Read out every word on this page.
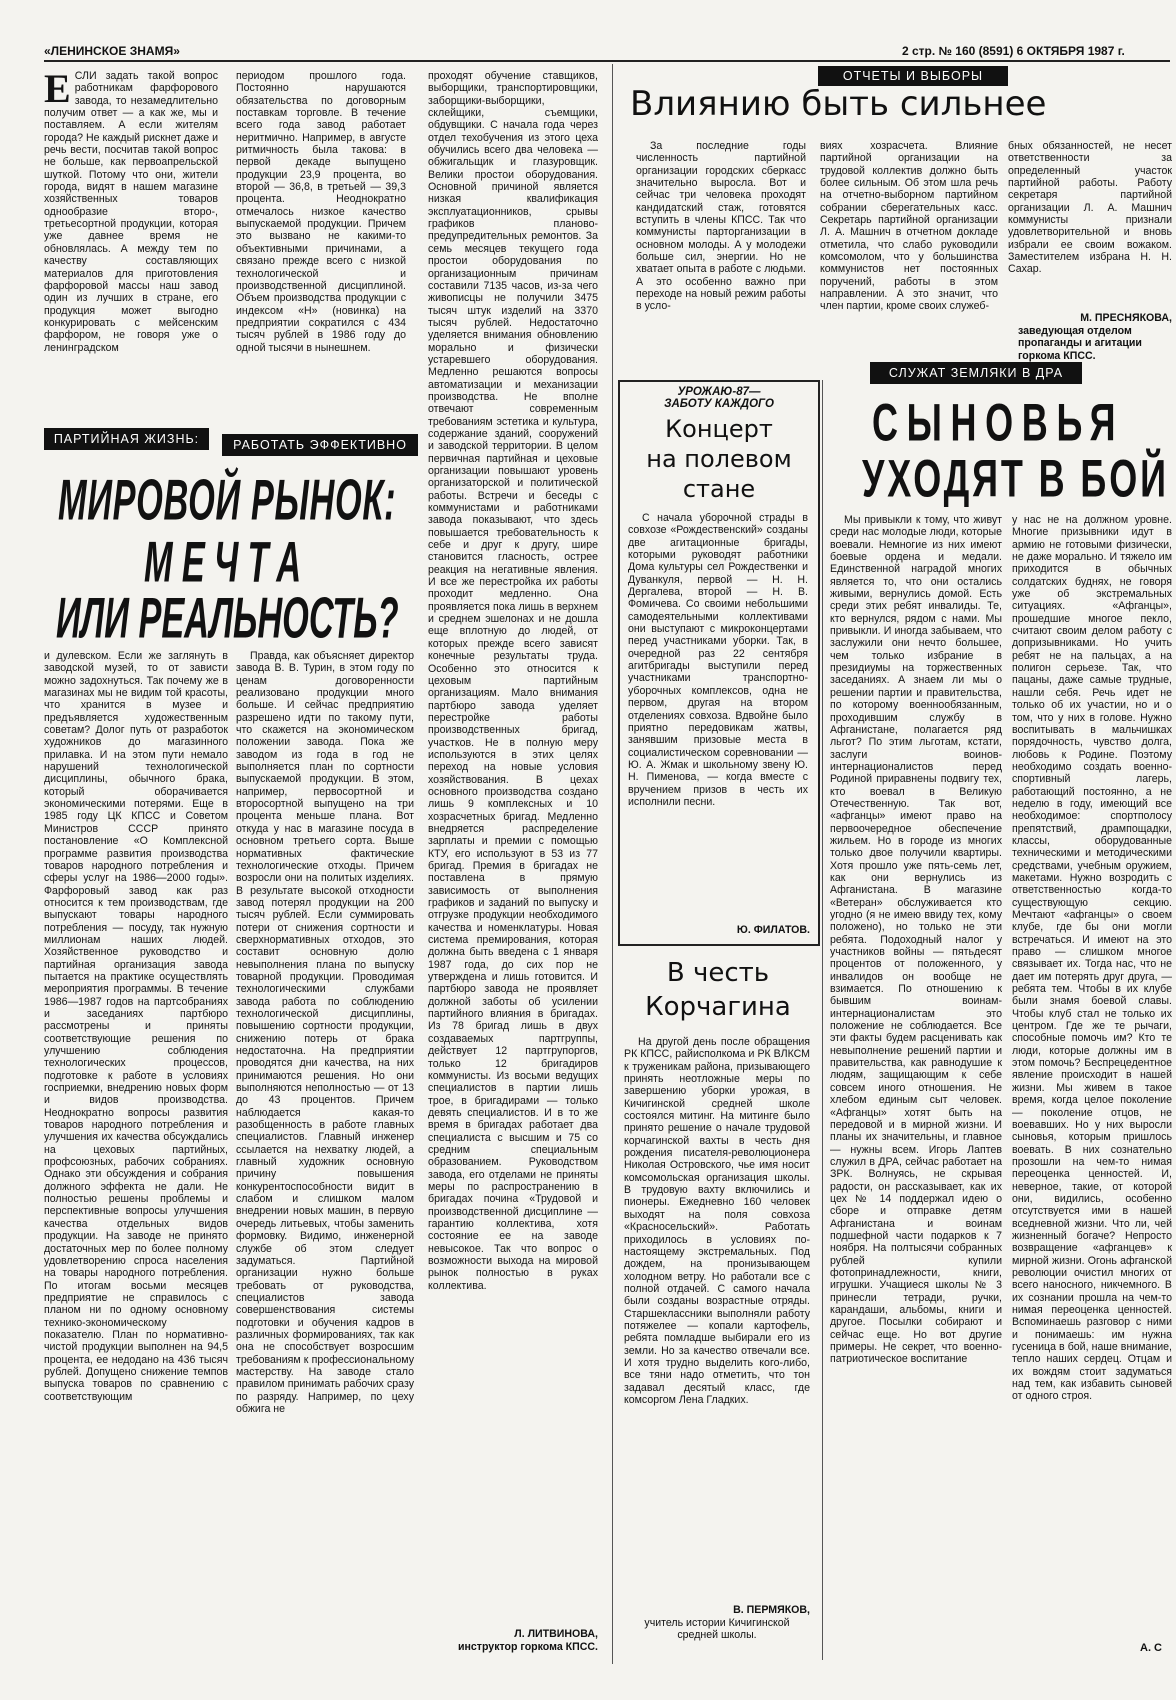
«ЛЕНИНСКОЕ ЗНАМЯ»	2 стр. № 160 (8591) 6 ОКТЯБРЯ 1987 г.
Е СЛИ задать такой вопрос работникам фарфорового завода, то незамедлительно получим ответ — а как же, мы и поставляем. А если жителям города? Не каждый рискнет даже и речь вести, посчитав такой вопрос не больше, как первоапрельской шуткой. Потому что они, жители города, видят в нашем магазине хозяйственных товаров однообразие второ-, третьесортной продукции, которая уже давнее время не обновлялась. А между тем по качеству составляющих материалов для приготовления фарфоровой массы наш завод один из лучших в стране, его продукция может выгодно конкурировать с мейсенским фарфором, не говоря уже о ленинградском

периодом прошлого года. Постоянно нарушаются обязательства по договорным поставкам торговле. В течение всего года завод работает неритмично. Например, в августе ритмичность была такова: в первой декаде выпущено продукции 23,9 процента, во второй — 36,8, в третьей — 39,3 процента. Неоднократно отмечалось низкое качество выпускаемой продукции. Причем это вызвано не какими-то объективными причинами, а связано прежде всего с низкой технологической и производственной дисциплиной. Объем производства продукции с индексом «Н» (новинка) на предприятии сократился с 434 тысяч рублей в 1986 году до одной тысячи в нынешнем.

ПАРТИЙНАЯ ЖИЗНЬ:	РАБОТАТЬ ЭФФЕКТИВНО
МИРОВОЙ РЫНОК:
МЕЧТА
ИЛИ РЕАЛЬНОСТЬ?

и дулевском. Если же заглянуть в заводской музей, то от зависти можно задохнуться. Так почему же в магазинах мы не видим той красоты, что хранится в музее и предъявляется художественным советам? Долог путь от разработок художников до магазинного прилавка. И на этом пути немало нарушений технологической дисциплины, обычного брака, который оборачивается экономическими потерями. Еще в 1985 году ЦК КПСС и Советом Министров СССР принято постановление «О Комплексной программе развития производства товаров народного потребления и сферы услуг на 1986—2000 годы». Фарфоровый завод как раз относится к тем производствам, где выпускают товары народного потребления — посуду, так нужную миллионам наших людей. Хозяйственное руководство и партийная организация завода пытается на практике осуществлять мероприятия программы. В течение 1986—1987 годов на партсобраниях и заседаниях партбюро рассмотрены и приняты соответствующие решения по улучшению соблюдения технологических процессов, подготовке к работе в условиях госприемки, внедрению новых форм и видов производства. Неоднократно вопросы развития товаров народного потребления и улучшения их качества обсуждались на цеховых партийных, профсоюзных, рабочих собраниях. Однако эти обсуждения и собрания должного эффекта не дали. Не полностью решены проблемы и перспективные вопросы улучшения качества отдельных видов продукции. На заводе не принято достаточных мер по более полному удовлетворению спроса населения на товары народного потребления. По итогам восьми месяцев предприятие не справилось с планом ни по одному основному технико-экономическому показателю. План по нормативно-чистой продукции выполнен на 94,5 процента, ее недодано на 436 тысяч рублей. Допущено снижение темпов выпуска товаров по сравнению с соответствующим

Правда, как объясняет директор завода В. В. Турин, в этом году по ценам договоренности реализовано продукции много больше. И сейчас предприятию разрешено идти по такому пути, что скажется на экономическом положении завода. Пока же заводом из года в год не выполняется план по сортности выпускаемой продукции. В этом, например, первосортной и второсортной выпущено на три процента меньше плана. Вот откуда у нас в магазине посуда в основном третьего сорта. Выше нормативных фактические технологические отходы. Причем возросли они на политых изделиях. В результате высокой отходности завод потерял продукции на 200 тысяч рублей. Если суммировать потери от снижения сортности и сверхнормативных отходов, это составит основную долю невыполнения плана по выпуску товарной продукции. Проводимая технологическими службами завода работа по соблюдению технологической дисциплины, повышению сортности продукции, снижению потерь от брака недостаточна. На предприятии проводятся дни качества, на них принимаются решения. Но они выполняются неполностью — от 13 до 43 процентов. Причем наблюдается какая-то разобщенность в работе главных специалистов. Главный инженер ссылается на нехватку людей, а главный художник основную причину повышения конкурентоспособности видит в слабом и слишком малом внедрении новых машин, в первую очередь литьевых, чтобы заменить формовку. Видимо, инженерной службе об этом следует задуматься. Партийной организации нужно больше требовать от руководства, специалистов завода совершенствования системы подготовки и обучения кадров в различных формированиях, так как она не способствует возросшим требованиям к профессиональному мастерству. На заводе стало правилом принимать рабочих сразу по разряду. Например, по цеху обжига не

проходят обучение ставщиков, выборщики, транспортировщики, заборщики-выборщики, склейщики, съемщики, обдувщики. С начала года через отдел техобучения из этого цеха обучились всего два человека — обжигальщик и глазуровщик. Велики простои оборудования. Основной причиной является низкая квалификация эксплуатационников, срывы графиков планово-предупредительных ремонтов. За семь месяцев текущего года простои оборудования по организационным причинам составили 7135 часов, из-за чего живописцы не получили 3475 тысяч штук изделий на 3370 тысяч рублей. Недостаточно уделяется внимания обновлению морально и физически устаревшего оборудования. Медленно решаются вопросы автоматизации и механизации производства. Не вполне отвечают современным требованиям эстетика и культура, содержание зданий, сооружений и заводской территории. В целом первичная партийная и цеховые организации повышают уровень организаторской и политической работы. Встречи и беседы с коммунистами и работниками завода показывают, что здесь повышается требовательность к себе и друг к другу, шире становится гласность, острее реакция на негативные явления. И все же перестройка их работы проходит медленно. Она проявляется пока лишь в верхнем и среднем эшелонах и не дошла еще вплотную до людей, от которых прежде всего зависят конечные результаты труда. Особенно это относится к цеховым партийным организациям. Мало внимания партбюро завода уделяет перестройке работы производственных бригад, участков. Не в полную меру используются в этих целях переход на новые условия хозяйствования. В цехах основного производства создано лишь 9 комплексных и 10 хозрасчетных бригад. Медленно внедряется распределение зарплаты и премии с помощью КТУ, его используют в 53 из 77 бригад. Премия в бригадах не поставлена в прямую зависимость от выполнения графиков и заданий по выпуску и отгрузке продукции необходимого качества и номенклатуры. Новая система премирования, которая должна быть введена с 1 января 1987 года, до сих пор не утверждена и лишь готовится. И партбюро завода не проявляет должной заботы об усилении партийного влияния в бригадах. Из 78 бригад лишь в двух создаваемых партгруппы, действует 12 партгрупоргов, только 12 бригадиров коммунисты. Из восьми ведущих специалистов в партии лишь трое, в бригадирами — только девять специалистов. И в то же время в бригадах работает два специалиста с высшим и 75 со средним специальным образованием. Руководством завода, его отделами не приняты меры по распространению в бригадах почина «Трудовой и производственной дисциплине — гарантию коллектива, хотя состояние ее на заводе невысокое. Так что вопрос о возможности выхода на мировой рынок полностью в руках коллектива.

Л. ЛИТВИНОВА,
инструктор горкома КПСС.
ОТЧЕТЫ И ВЫБОРЫ
Влиянию быть сильнее

За последние годы численность партийной организации городских сберкасс значительно выросла. Вот и сейчас три человека проходят кандидатский стаж, готовятся вступить в члены КПСС. Так что коммунисты парторганизации в основном молоды. А у молодежи больше сил, энергии. Но не хватает опыта в работе с людьми. А это особенно важно при переходе на новый режим работы в усло-

виях хозрасчета. Влияние партийной организации на трудовой коллектив должно быть более сильным. Об этом шла речь на отчетно-выборном партийном собрании сберегательных касс. Секретарь партийной организации Л. А. Машнич в отчетном докладе отметила, что слабо руководили комсомолом, что у большинства коммунистов нет постоянных поручений, работы в этом направлении. А это значит, что член партии, кроме своих служеб-

бных обязанностей, не несет ответственности за определенный участок партийной работы. Работу секретаря партийной организации Л. А. Машнич коммунисты признали удовлетворительной и вновь избрали ее своим вожаком. Заместителем избрана Н. Н. Сахар.

М. ПРЕСНЯКОВА,
заведующая отделом пропаганды и агитации горкома КПСС.
УРОЖАЮ-87—
ЗАБОТУ КАЖДОГО
Концерт
на полевом
стане

С начала уборочной страды в совхозе «Рождественский» созданы две агитационные бригады, которыми руководят работники Дома культуры сел Рождественки и Дуванкуля, первой — Н. Н. Дергалева, второй — Н. В. Фомичева. Со своими небольшими самодеятельными коллективами они выступают с микроконцертами перед участниками уборки. Так, в очередной раз 22 сентября агитбригады выступили перед участниками транспортно-уборочных комплексов, одна не первом, другая на втором отделениях совхоза. Вдвойне было приятно передовикам жатвы, занявшим призовые места в социалистическом соревновании — Ю. А. Жмак и школьному звену Ю. Н. Пименова, — когда вместе с вручением призов в честь их исполнили песни.

Ю. ФИЛАТОВ.
В честь
Корчагина

На другой день после обращения РК КПСС, райисполкома и РК ВЛКСМ к труженикам района, призывающего принять неотложные меры по завершению уборки урожая, в Кичигинской средней школе состоялся митинг. На митинге было принято решение о начале трудовой корчагинской вахты в честь дня рождения писателя-революционера Николая Островского, чье имя носит комсомольская организация школы. В трудовую вахту включились и пионеры. Ежедневно 160 человек выходят на поля совхоза «Красносельский». Работать приходилось в условиях по-настоящему экстремальных. Под дождем, на пронизывающем холодном ветру. Но работали все с полной отдачей. С самого начала были созданы возрастные отряды. Старшеклассники выполняли работу потяжелее — копали картофель, ребята помладше выбирали его из земли. Но за качество отвечали все. И хотя трудно выделить кого-либо, все тяни надо отметить, что тон задавал десятый класс, где комсоргом Лена Гладких.

В. ПЕРМЯКОВ,
учитель истории Кичигинской средней школы.
СЛУЖАТ ЗЕМЛЯКИ В ДРА
СЫНОВЬЯ
УХОДЯТ В БОЙ

Мы привыкли к тому, что живут среди нас молодые люди, которые воевали. Немногие из них имеют боевые ордена и медали. Единственной наградой многих является то, что они остались живыми, вернулись домой. Есть среди этих ребят инвалиды. Те, кто вернулся, рядом с нами. Мы привыкли. И иногда забываем, что заслужили они нечто большее, чем только избрание в президиумы на торжественных заседаниях. А знаем ли мы о решении партии и правительства, по которому военнообязанным, проходившим службу в Афганистане, полагается ряд льгот? По этим льготам, кстати, заслуги воинов-интернационалистов перед Родиной приравнены подвигу тех, кто воевал в Великую Отечественную. Так вот, «афганцы» имеют право на первоочередное обеспечение жильем. Но в городе из многих только двое получили квартиры. Хотя прошло уже пять-семь лет, как они вернулись из Афганистана. В магазине «Ветеран» обслуживается кто угодно (я не имею ввиду тех, кому положено), но только не эти ребята. Подоходный налог у участников войны — пятьдесят процентов от положенного, у инвалидов он вообще не взимается. По отношению к бывшим воинам-интернационалистам это положение не соблюдается. Все эти факты будем расценивать как невыполнение решений партии и правительства, как равнодушие к людям, защищающим к себе совсем иного отношения. Не хлебом единым сыт человек. «Афганцы» хотят быть на передовой и в мирной жизни. И планы их значительны, и главное — нужны всем. Игорь Лаптев служил в ДРА, сейчас работает на ЗРК. Волнуясь, не скрывая радости, он рассказывает, как их цех № 14 поддержал идею о сборе и отправке детям Афганистана и воинам подшефной части подарков к 7 ноября. На полтысячи собранных рублей купили фотопринадлежности, книги, игрушки. Учащиеся школы № 3 принесли тетради, ручки, карандаши, альбомы, книги и другое. Посылки собирают и сейчас еще. Но вот другие примеры. Не секрет, что военно-патриотическое воспитание

у нас не на должном уровне. Многие призывники идут в армию не готовыми физически, не даже морально. И тяжело им приходится в обычных солдатских буднях, не говоря уже об экстремальных ситуациях. «Афганцы», прошедшие многое пекло, считают своим делом работу с допризывниками. Но учить ребят не на пальцах, а на полигон серьезе. Так, что пацаны, даже самые трудные, нашли себя. Речь идет не только об их участии, но и о том, что у них в голове. Нужно воспитывать в мальчишках порядочность, чувство долга, любовь к Родине. Поэтому необходимо создать военно-спортивный лагерь, работающий постоянно, а не неделю в году, имеющий все необходимое: спортполосу препятствий, дрампощадки, классы, оборудованные техническими и методическими средствами, учебным оружием, макетами. Нужно возродить с ответственностью когда-то существующую секцию. Мечтают «афганцы» о своем клубе, где бы они могли встречаться. И имеют на это право — слишком многое связывает их. Тогда нас, что не дает им потерять друг друга, — ребята тем. Чтобы в их клубе были знамя боевой славы. Чтобы клуб стал не только их центром. Где же те рычаги, способные помочь им? Кто те люди, которые должны им в этом помочь? Беспрецедентное явление происходит в нашей жизни. Мы живем в такое время, когда целое поколение — поколение отцов, не воевавших. Но у них выросли сыновья, которым пришлось воевать. В них сознательно прозошли на чем-то нимая переоценка ценностей. И, неверное, такие, от которой они, видились, особенно отсутствуется ими в нашей вседневной жизни. Что ли, чей жизненный богаче? Непросто возвращение «афганцев» к мирной жизни. Огонь афганской революции очистил многих от всего наносного, никчемного. В их сознании прошла на чем-то нимая переоценка ценностей. Вспоминаешь разговор с ними и понимаешь: им нужна гусеница в бой, наше внимание, тепло наших сердец. Отцам и их вождям стоит задуматься над тем, как избавить сыновей от одного строя.

А. С
